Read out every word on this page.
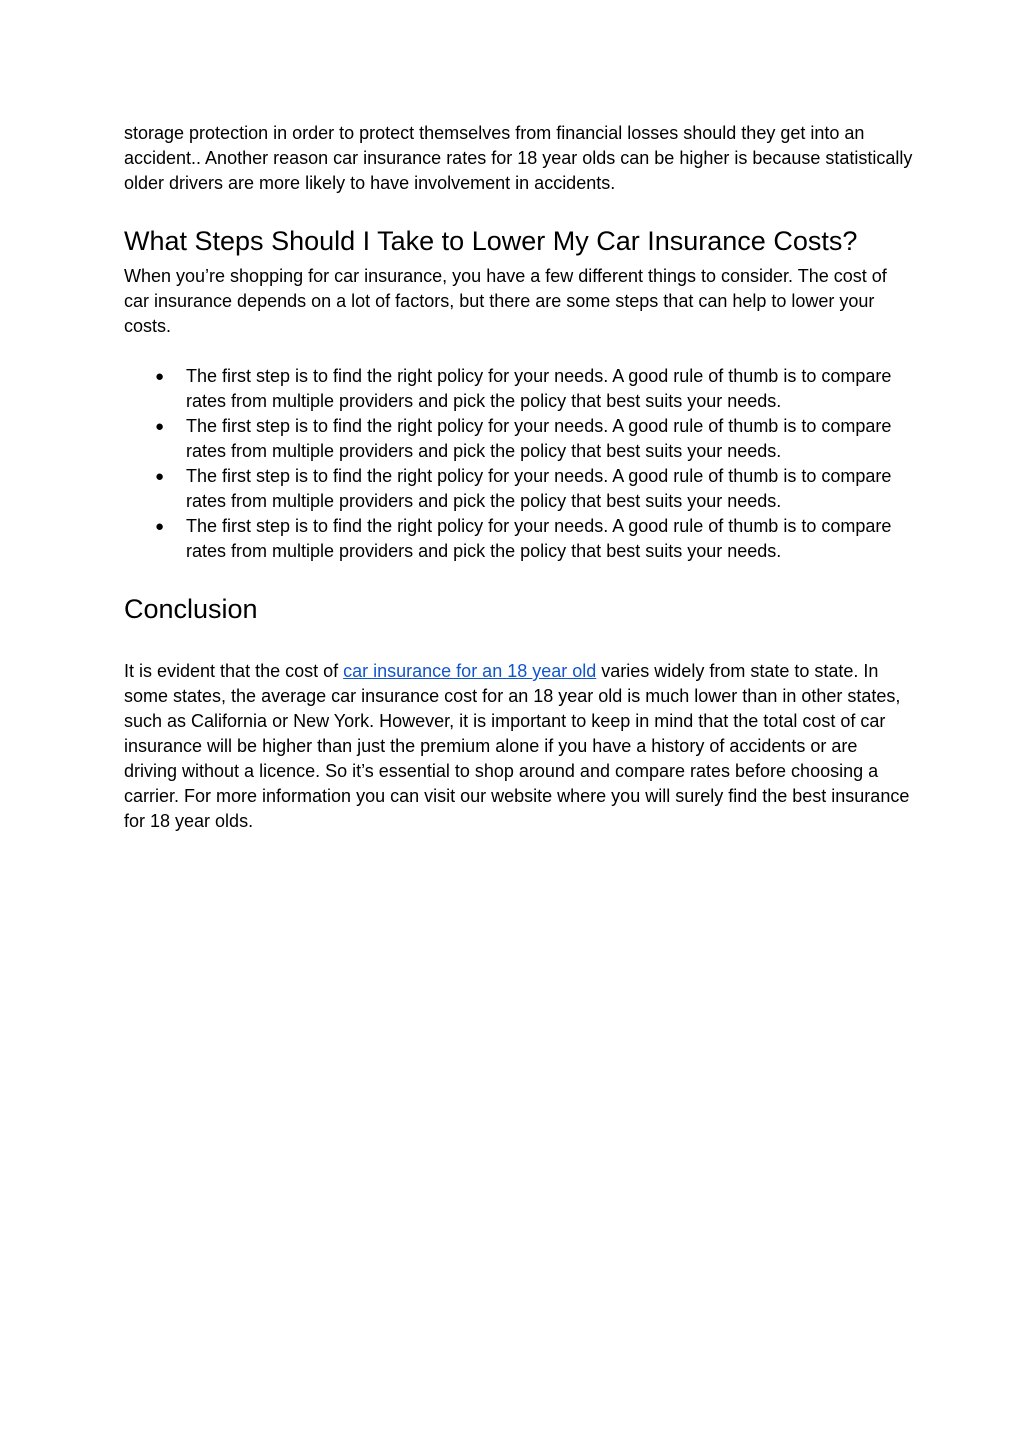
storage protection in order to protect themselves from financial losses should they get into an accident.. Another reason car insurance rates for 18 year olds can be higher is because statistically older drivers are more likely to have involvement in accidents.

What Steps Should I Take to Lower My Car Insurance Costs?

When you’re shopping for car insurance, you have a few different things to consider. The cost of car insurance depends on a lot of factors, but there are some steps that can help to lower your costs.

● The first step is to find the right policy for your needs. A good rule of thumb is to compare rates from multiple providers and pick the policy that best suits your needs.
● The first step is to find the right policy for your needs. A good rule of thumb is to compare rates from multiple providers and pick the policy that best suits your needs.
● The first step is to find the right policy for your needs. A good rule of thumb is to compare rates from multiple providers and pick the policy that best suits your needs.
● The first step is to find the right policy for your needs. A good rule of thumb is to compare rates from multiple providers and pick the policy that best suits your needs.
Conclusion

It is evident that the cost of car insurance for an 18 year old varies widely from state to state. In some states, the average car insurance cost for an 18 year old is much lower than in other states, such as California or New York. However, it is important to keep in mind that the total cost of car insurance will be higher than just the premium alone if you have a history of accidents or are driving without a licence. So it’s essential to shop around and compare rates before choosing a carrier. For more information you can visit our website where you will surely find the best insurance for 18 year olds.
